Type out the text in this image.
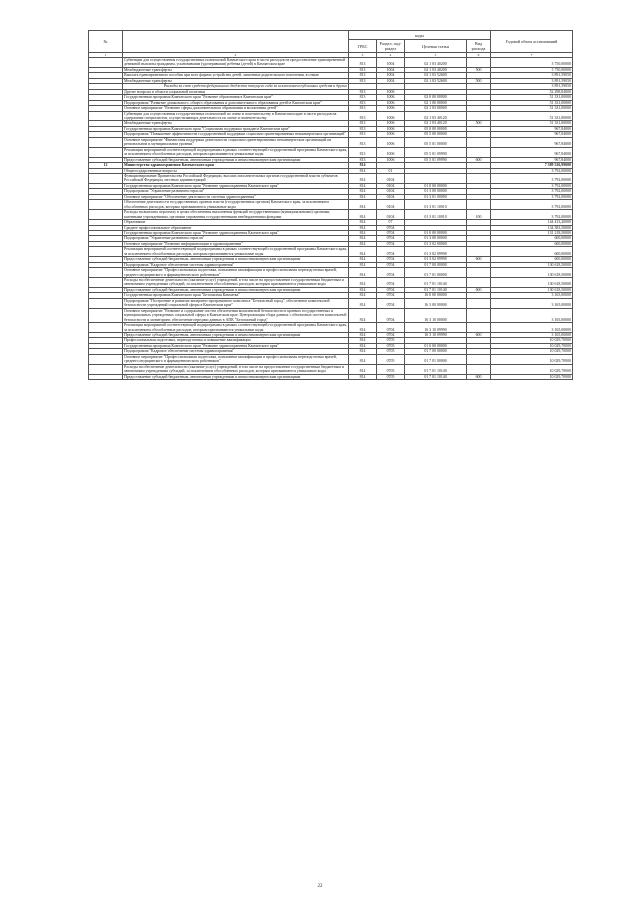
№		коды				Годовой объем ассигнований
		ГРБС	Раздел, под-раздел	Целевая статья	Вид расхода	
1	2	3	4	5	6	7
	Субвенции для осуществления государственных полномочий Камчатского края в части расходов на предоставление единовременной денежной выплаты гражданам, усыновившим (удочерившим) ребенка (детей) в Камчатском крае	813	1004	02 1 03 40200		3 750,00000
	Межбюджетные трансферты	813	1004	02 1 03 40200	500	3 750,00000
	Выплата единовременного пособия при всех формах устройства детей, лишенных родительского попечения, в семью	813	1004	02 1 03 52600		3 891,59050
	Межбюджетные трансферты	813	1004	02 1 03 52600	500	3 891,59050
	Расходы за счет средств федерального бюджета текущего года за исключением публичных средств и других					3 891,59050
	Другие вопросы в области социальной политики	813	1006			52 298,84000
	Государственная программа Камчатского края "Развитие образования в Камчатском крае"	813	1006	02 0 00 00000		51 331,00000
	Подпрограмма "Развитие дошкольного, общего образования и дополнительного образования детей в Камчатском крае"	813	1006	02 1 00 00000		51 331,00000
	Основное мероприятие "Развитие сферы дополнительного образования и воспитания детей"	813	1006	02 1 03 00000		51 331,00000
	Субвенции для осуществления государственных полномочий по опеке и попечительству в Камчатском крае в части расходов на содержание специалистов, осуществляющих деятельность по опеке и попечительству	813	1006	02 1 03 40120		51 331,00000
	Межбюджетные трансферты	813	1006	02 1 03 40120	500	51 331,00000
	Государственная программа Камчатского края "Социальная поддержка граждан в Камчатском крае"	813	1006	05 0 00 00000		967,84000
	Подпрограмма "Повышение эффективности государственной поддержки социально ориентированных некоммерческих организаций"	813	1006	05 5 00 00000		967,84000
	Основное мероприятие "Финансовая поддержка деятельности социально ориентированных некоммерческих организаций на региональном и муниципальном уровнях"	813	1006	05 5 01 00000		967,84000
	Реализация мероприятий соответствующей подпрограммы в рамках соответствующей государственной программы Камчатского края, за исключением обособленных расходов, которым присваиваются уникальные коды	813	1006	05 5 01 09990		967,84000
	Предоставление субсидий бюджетным, автономным учреждениям и иным некоммерческим организациям	813	1006	05 5 01 09990	600	967,84000
12	Министерство здравоохранения Камчатского края	814				7 389 526,99000
	Общегосударственные вопросы	814	01			3 792,00000
	Функционирование Правительства Российской Федерации, высших исполнительных органов государственной власти субъектов Российской Федерации, местных администраций	814	0104			3 792,00000
	Государственная программа Камчатского края "Развитие здравоохранения Камчатского края"	814	0104	01 0 00 00000		3 792,00000
	Подпрограмма "Управление развитием отрасли"	814	0104	01 3 00 00000		3 792,00000
	Основное мероприятие "Обеспечение деятельности системы здравоохранения"	814	0104	01 3 01 00000		3 792,00000
	Обеспечение деятельности государственных органов власти (государственных органов) Камчатского края, за исключением обособленных расходов, которым присваиваются уникальные коды	814	0104	01 3 01 10010		3 792,00000
	Расходы на выплаты персоналу в целях обеспечения выполнения функций государственными (муниципальными) органами, казенными учреждениями, органами управления государственными внебюджетными фондами	814	0104	01 3 01 10010	100	3 792,00000
	Образование	814	07			144 413,20000
	Среднее профессиональное образование	814	0704			134 383,50000
	Государственная программа Камчатского края "Развитие здравоохранения Камчатского края"	814	0704	01 0 00 00000		131 218,50000
	Подпрограмма "Управление развитием отрасли"	814	0704	01 3 00 00000		600,00000
	Основное мероприятие "Развитие информатизации в здравоохранении"	814	0704	01 3 02 00000		600,00000
	Реализация мероприятий соответствующей подпрограммы в рамках соответствующей государственной программы Камчатского края, за исключением обособленных расходов, которым присваиваются уникальные коды	814	0704	01 3 02 09990		600,00000
	Предоставление субсидий бюджетным, автономным учреждениям и иным некоммерческим организациям	814	0704	01 3 02 09990	600	600,00000
	Подпрограмма "Кадровое обеспечение системы здравоохранения"	814	0704	01 7 00 00000		130 618,50000
	Основное мероприятие "Профессиональная подготовка, повышение квалификации и профессиональная переподготовка врачей, среднего медицинского и фармацевтического работников"	814	0704	01 7 01 00000		130 618,50000
	Расходы на обеспечение деятельности (оказание услуг) учреждений, в том числе на предоставление государственным бюджетным и автономным учреждениям субсидий, за исключением обособленных расходов, которым присваиваются уникальные коды	814	0704	01 7 01 10140		130 618,50000
	Предоставление субсидий бюджетным, автономным учреждениям и иным некоммерческим организациям	814	0704	01 7 01 10140	600	130 618,50000
	Государственная программа Камчатского края "Безопасная Камчатка"	814	0704	16 0 00 00000		3 165,00000
	Подпрограмма "Построение и развитие аппаратно-программного комплекса "Безопасный город", обеспечение комплексной безопасности учреждений социальной сферы в Камчатском крае"	814	0704	16 3 00 00000		3 165,00000
	Основное мероприятие "Развитие и содержание систем обеспечения комплексной безопасности в краевых государственных и муниципальных учреждениях социальной сферы в Камчатском крае. Централизация сбора данных с объектовых систем комплексной безопасности и мониторинг, обеспечение передачи данных в АПК "Безопасный город"	814	0704	16 3 10 00000		3 165,00000
	Реализация мероприятий соответствующей подпрограммы в рамках соответствующей государственной программы Камчатского края, за исключением обособленных расходов, которым присваиваются уникальные коды	814	0704	16 3 10 09990		3 165,00000
	Предоставление субсидий бюджетным, автономным учреждениям и иным некоммерческим организациям	814	0704	16 3 10 09990	600	3 165,00000
	Профессиональная подготовка, переподготовка и повышение квалификации	814	0705			10 029,70000
	Государственная программа Камчатского края "Развитие здравоохранения Камчатского края"	814	0705	01 0 00 00000		10 029,70000
	Подпрограмма "Кадровое обеспечение системы здравоохранения"	814	0705	01 7 00 00000		10 029,70000
	Основное мероприятие "Профессиональная подготовка, повышение квалификации и профессиональная переподготовка врачей, среднего медицинского и фармацевтического работников"	814	0705	01 7 01 00000		10 029,70000
	Расходы на обеспечение деятельности (оказание услуг) учреждений, в том числе на предоставление государственным бюджетным и автономным учреждениям субсидий, за исключением обособленных расходов, которым присваиваются уникальные коды	814	0705	01 7 01 10140		10 029,70000
	Предоставление субсидий бюджетным, автономным учреждениям и иным некоммерческим организациям	814	0705	01 7 01 10140	600	10 029,70000
22
